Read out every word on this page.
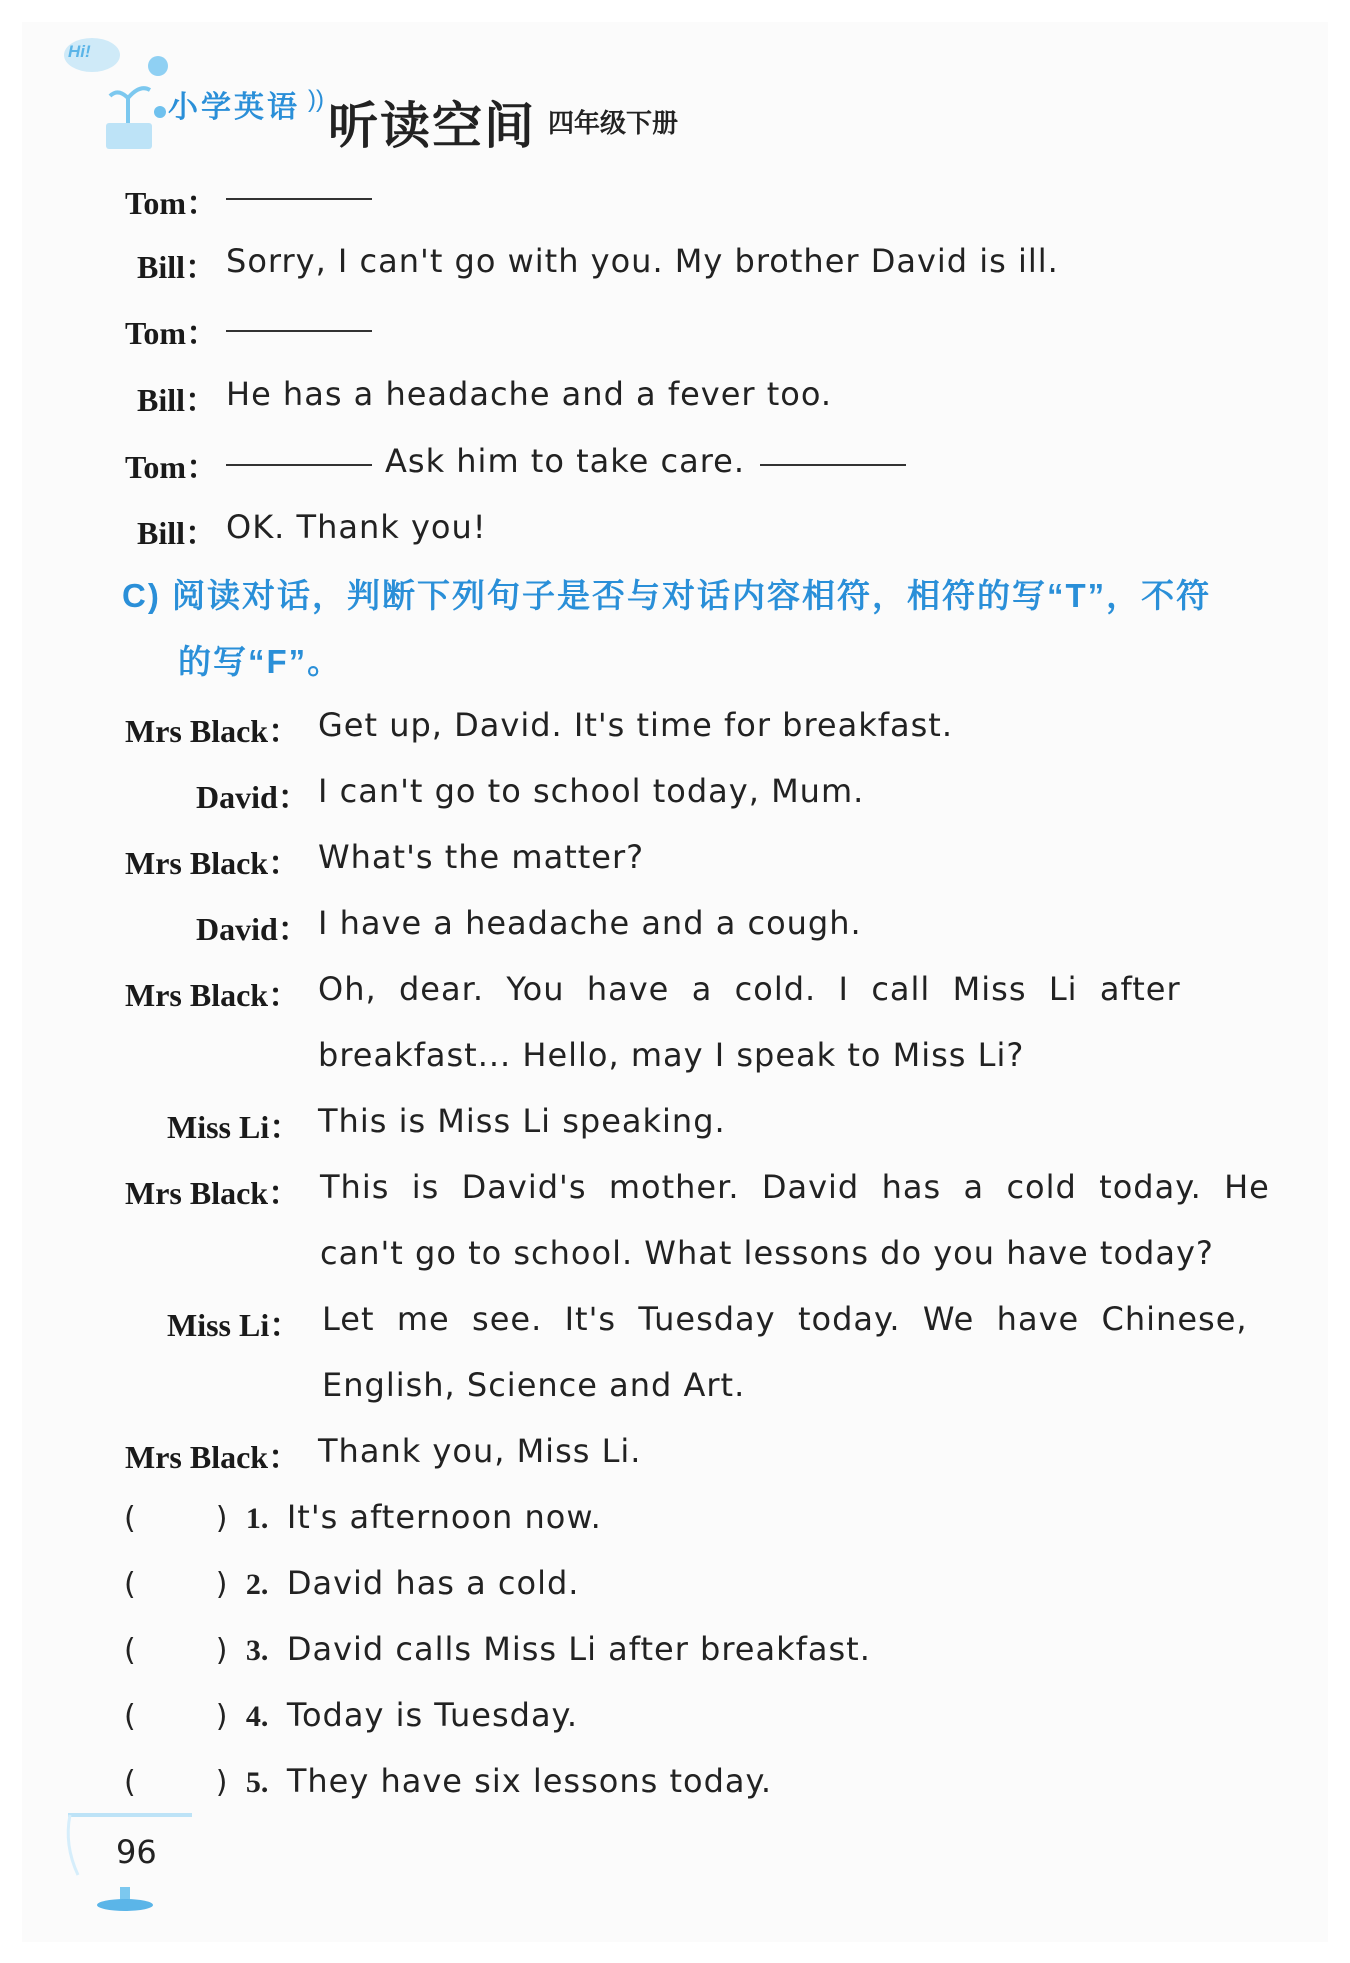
Hi!
小学英语 )) 听读空间 四年级下册
Tom：
Bill： Sorry, I can't go with you. My brother David is ill.
Tom：
Bill： He has a headache and a fever too.
Tom：	Ask him to take care.
Bill： OK. Thank you!
C) 阅读对话，判断下列句子是否与对话内容相符，相符的写“T”，不符
的写“F”。
Mrs Black： Get up, David. It's time for breakfast.
David： I can't go to school today, Mum.
Mrs Black： What's the matter?
David： I have a headache and a cough.
Mrs Black： Oh,  dear.  You  have  a  cold.  I  call  Miss  Li  after
breakfast... Hello, may I speak to Miss Li?
Miss Li： This is Miss Li speaking.
Mrs Black： This  is  David's  mother.  David  has  a  cold  today.  He
can't go to school. What lessons do you have today?
Miss Li： Let  me  see.  It's  Tuesday  today.  We  have  Chinese,
English, Science and Art.
Mrs Black： Thank you, Miss Li.
(	) 1. It's afternoon now.
(	) 2. David has a cold.
(	) 3. David calls Miss Li after breakfast.
(	) 4. Today is Tuesday.
(	) 5. They have six lessons today.
96
